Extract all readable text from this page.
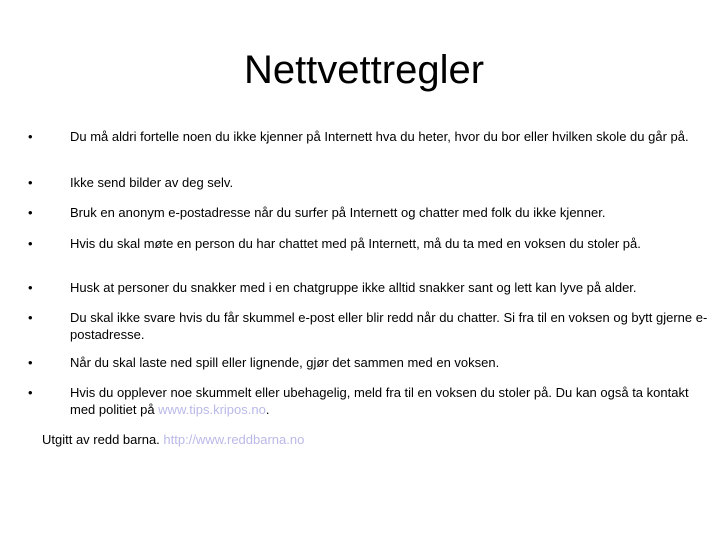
Nettvettregler
•	Du må aldri fortelle noen du ikke kjenner på Internett hva du heter, hvor du bor eller hvilken skole du går på.
•	Ikke send bilder av deg selv.
•	Bruk en anonym e-postadresse når du surfer på Internett og chatter med folk du ikke kjenner.
•	Hvis du skal møte en person du har chattet med på Internett, må du ta med en voksen du stoler på.
•	Husk at personer du snakker med i en chatgruppe ikke alltid snakker sant og lett kan lyve på alder.
•	Du skal ikke svare hvis du får skummel e-post eller blir redd når du chatter. Si fra til en voksen og bytt gjerne e-postadresse.
•	Når du skal laste ned spill eller lignende, gjør det sammen med en voksen.
•	Hvis du opplever noe skummelt eller ubehagelig, meld fra til en voksen du stoler på. Du kan også ta kontakt med politiet på www.tips.kripos.no.
Utgitt av redd barna. http://www.reddbarna.no
